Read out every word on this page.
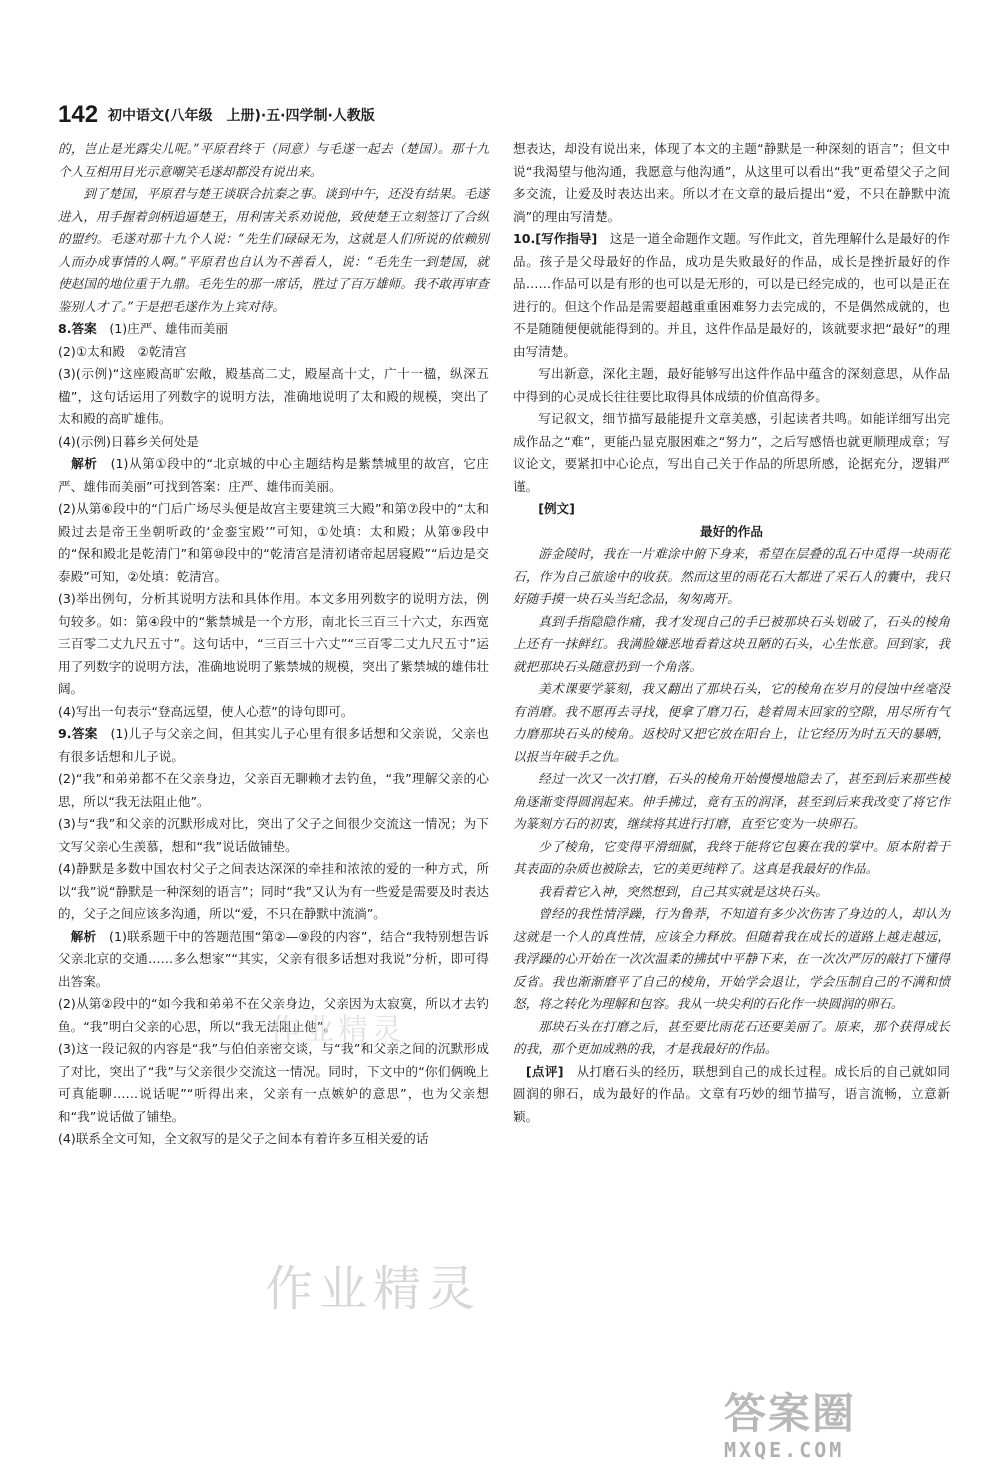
142 初中语文(八年级　上册)·五·四学制·人教版

的，岂止是光露尖儿呢。”平原君终于（同意）与毛遂一起去（楚国）。那十九个人互相用目光示意嘲笑毛遂却都没有说出来。

到了楚国，平原君与楚王谈联合抗秦之事。谈到中午，还没有结果。毛遂进入，用手握着剑柄追逼楚王，用利害关系劝说他，致使楚王立刻签订了合纵的盟约。毛遂对那十九个人说：“先生们碌碌无为，这就是人们所说的依赖别人而办成事情的人啊。”平原君也自认为不善看人，说：“毛先生一到楚国，就使赵国的地位重于九鼎。毛先生的那一席话，胜过了百万雄师。我不敢再审查鉴别人才了。”于是把毛遂作为上宾对待。

8.答案　(1)庄严、雄伟而美丽

(2)①太和殿　②乾清宫

(3)(示例)“这座殿高旷宏敞，殿基高二丈，殿屋高十丈，广十一楹，纵深五楹”，这句话运用了列数字的说明方法，准确地说明了太和殿的规模，突出了太和殿的高旷雄伟。

(4)(示例)日暮乡关何处是

　解析　(1)从第①段中的“北京城的中心主题结构是紫禁城里的故宫，它庄严、雄伟而美丽”可找到答案：庄严、雄伟而美丽。

(2)从第⑥段中的“门后广场尽头便是故宫主要建筑三大殿”和第⑦段中的“太和殿过去是帝王坐朝听政的‘金銮宝殿’”可知，①处填：太和殿；从第⑨段中的“保和殿北是乾清门”和第⑩段中的“乾清宫是清初诸帝起居寝殿”“后边是交泰殿”可知，②处填：乾清宫。

(3)举出例句，分析其说明方法和具体作用。本文多用列数字的说明方法，例句较多。如：第④段中的“紫禁城是一个方形，南北长三百三十六丈，东西宽三百零二丈九尺五寸”。这句话中，“三百三十六丈”“三百零二丈九尺五寸”运用了列数字的说明方法，准确地说明了紫禁城的规模，突出了紫禁城的雄伟壮阔。

(4)写出一句表示“登高远望，使人心惹”的诗句即可。

9.答案　(1)儿子与父亲之间，但其实儿子心里有很多话想和父亲说，父亲也有很多话想和儿子说。

(2)“我”和弟弟都不在父亲身边，父亲百无聊赖才去钓鱼，“我”理解父亲的心思，所以“我无法阻止他”。

(3)与“我”和父亲的沉默形成对比，突出了父子之间很少交流这一情况；为下文写父亲心生羡慕，想和“我”说话做铺垫。

(4)静默是多数中国农村父子之间表达深深的牵挂和浓浓的爱的一种方式，所以“我”说“静默是一种深刻的语言”；同时“我”又认为有一些爱是需要及时表达的，父子之间应该多沟通，所以“爱，不只在静默中流淌”。

　解析　(1)联系题干中的答题范围“第②—⑨段的内容”，结合“我特别想告诉父亲北京的交通……多么想家”“其实，父亲有很多话想对我说”分析，即可得出答案。

(2)从第②段中的“如今我和弟弟不在父亲身边，父亲因为太寂寞，所以才去钓鱼。“我”明白父亲的心思，所以“我无法阻止他”。

(3)这一段记叙的内容是“我”与伯伯亲密交谈，与“我”和父亲之间的沉默形成了对比，突出了“我”与父亲很少交流这一情况。同时，下文中的“你们俩晚上可真能聊……说话呢”“听得出来，父亲有一点嫉妒的意思”，也为父亲想和“我”说话做了铺垫。

(4)联系全文可知，全文叙写的是父子之间本有着许多互相关爱的话

想表达，却没有说出来，体现了本文的主题“静默是一种深刻的语言”；但文中说“我渴望与他沟通，我愿意与他沟通”，从这里可以看出“我”更希望父子之间多交流，让爱及时表达出来。所以才在文章的最后提出“爱，不只在静默中流淌”的理由写清楚。

10.[写作指导]　这是一道全命题作文题。写作此文，首先理解什么是最好的作品。孩子是父母最好的作品，成功是失败最好的作品，成长是挫折最好的作品……作品可以是有形的也可以是无形的，可以是已经完成的，也可以是正在进行的。但这个作品是需要超越重重困难努力去完成的，不是偶然成就的，也不是随随便便就能得到的。并且，这件作品是最好的，该就要求把“最好”的理由写清楚。

写出新意，深化主题，最好能够写出这件作品中蕴含的深刻意思，从作品中得到的心灵成长往往要比取得具体成绩的价值高得多。

写记叙文，细节描写最能提升文章美感，引起读者共鸣。如能详细写出完成作品之“难”，更能凸显克服困难之“努力”，之后写感悟也就更顺理成章；写议论文，要紧扣中心论点，写出自己关于作品的所思所感，论据充分，逻辑严谨。

[例文]

最好的作品

游金陵时，我在一片难涂中俯下身来，希望在层叠的乱石中觅得一块雨花石，作为自己旅途中的收获。然而这里的雨花石大都进了采石人的囊中，我只好随手摸一块石头当纪念品，匆匆离开。

真到手指隐隐作痛，我才发现自己的手已被那块石头划破了，石头的棱角上还有一抹鲜红。我满脸嫌恶地看着这块丑陋的石头，心生怅意。回到家，我就把那块石头随意扔到一个角落。

美术课要学篆刻，我又翻出了那块石头，它的棱角在岁月的侵蚀中丝毫没有消磨。我不愿再去寻找，便拿了磨刀石，趁着周末回家的空隙，用尽所有气力磨那块石头的棱角。返校时又把它放在阳台上，让它经历为时五天的暴晒，以报当年破手之仇。

经过一次又一次打磨，石头的棱角开始慢慢地隐去了，甚至到后来那些棱角逐渐变得圆润起来。伸手拂过，竟有玉的润泽，甚至到后来我改变了将它作为篆刻方石的初衷，继续将其进行打磨，直至它变为一块卵石。

少了棱角，它变得平滑细腻，我终于能将它包裹在我的掌中。原本附着于其表面的杂质也被除去，它的美更纯粹了。这真是我最好的作品。

我看着它入神，突然想到，自己其实就是这块石头。

曾经的我性情浮躁，行为鲁莽，不知道有多少次伤害了身边的人，却认为这就是一个人的真性情，应该全力释放。但随着我在成长的道路上越走越远，我浮躁的心开始在一次次温柔的拂拭中平静下来，在一次次严厉的敲打下懂得反省。我也渐渐磨平了自己的棱角，开始学会退让，学会压制自己的不满和愤怒，将之转化为理解和包容。我从一块尖利的石化作一块圆润的卵石。

那块石头在打磨之后，甚至要比雨花石还要美丽了。原来，那个获得成长的我，那个更加成熟的我，才是我最好的作品。

　[点评]　从打磨石头的经历，联想到自己的成长过程。成长后的自己就如同圆润的卵石，成为最好的作品。文章有巧妙的细节描写，语言流畅，立意新颖。

作业精灵
作业精灵
答案圈
MXQE.COM
